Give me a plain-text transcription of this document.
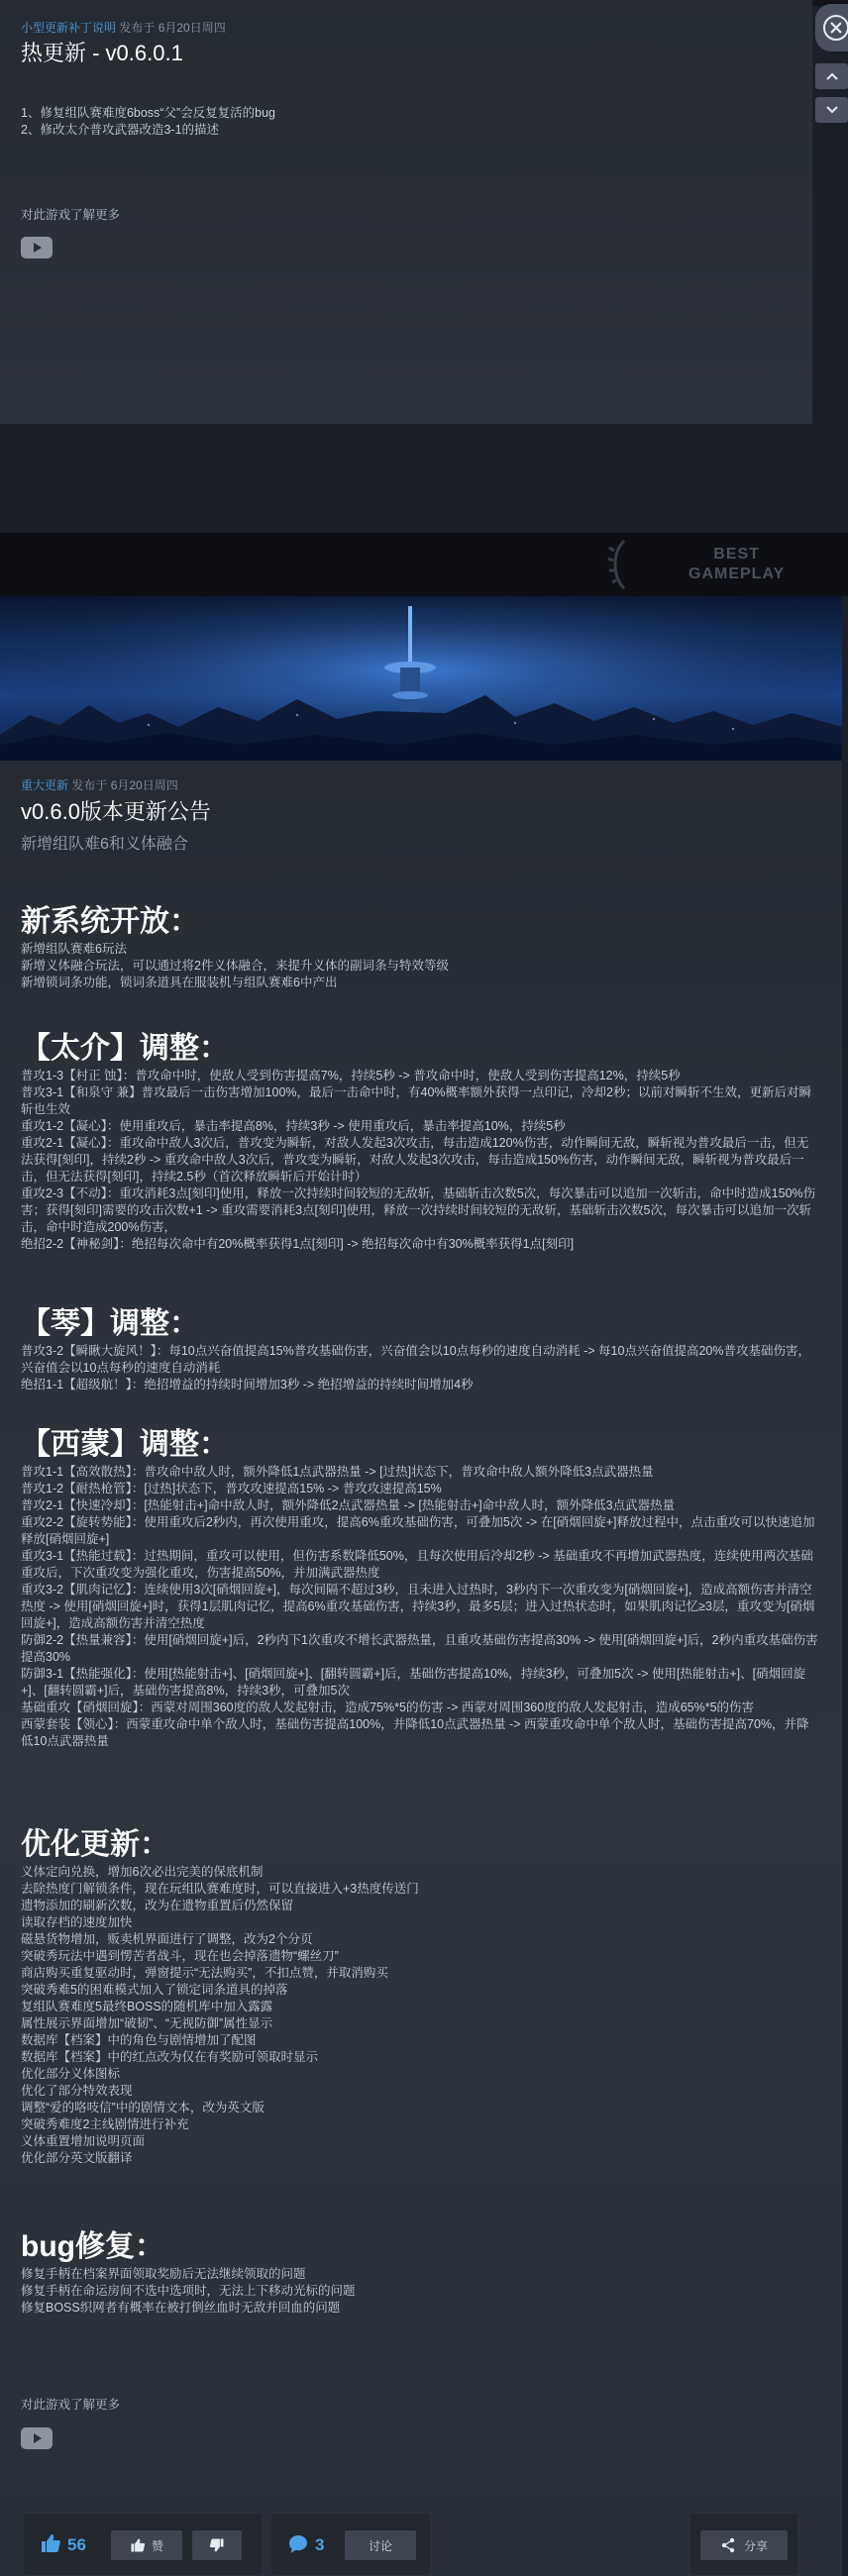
小型更新补丁说明 发布于 6月20日周四
热更新 - v0.6.0.1

1、修复组队赛难度6boss“父”会反复复活的bug

2、修改太介普攻武器改造3-1的描述

对此游戏了解更多
BEST
GAMEPLAY
重大更新 发布于 6月20日周四
v0.6.0版本更新公告
新增组队难6和义体融合
新系统开放：

新增组队赛难6玩法

新增义体融合玩法，可以通过将2件义体融合，来提升义体的副词条与特效等级

新增锁词条功能，锁词条道具在服装机与组队赛难6中产出

【太介】调整：

普攻1-3【村正 蚀】：普攻命中时，使敌人受到伤害提高7%，持续5秒 -> 普攻命中时，使敌人受到伤害提高12%，持续5秒

普攻3-1【和泉守 兼】普攻最后一击伤害增加100%，最后一击命中时，有40%概率额外获得一点印记，冷却2秒；以前对瞬斩不生效，更新后对瞬斩也生效

重攻1-2【凝心】：使用重攻后，暴击率提高8%，持续3秒 -> 使用重攻后，暴击率提高10%，持续5秒

重攻2-1【凝心】：重攻命中敌人3次后，普攻变为瞬斩，对敌人发起3次攻击，每击造成120%伤害，动作瞬间无敌，瞬斩视为普攻最后一击，但无法获得[刻印]，持续2秒 -> 重攻命中敌人3次后，普攻变为瞬斩，对敌人发起3次攻击，每击造成150%伤害，动作瞬间无敌，瞬斩视为普攻最后一击，但无法获得[刻印]，持续2.5秒（首次释放瞬斩后开始计时）

重攻2-3【不动】：重攻消耗3点[刻印]使用，释放一次持续时间较短的无敌斩，基础斩击次数5次，每次暴击可以追加一次斩击，命中时造成150%伤害；获得[刻印]需要的攻击次数+1 -> 重攻需要消耗3点[刻印]使用，释放一次持续时间较短的无敌斩，基础斩击次数5次，每次暴击可以追加一次斩击，命中时造成200%伤害，

绝招2-2【神秘剑】：绝招每次命中有20%概率获得1点[刻印] -> 绝招每次命中有30%概率获得1点[刻印]

【琴】调整：

普攻3-2【瞬瞅大旋风！】：每10点兴奋值提高15%普攻基础伤害，兴奋值会以10点每秒的速度自动消耗 -> 每10点兴奋值提高20%普攻基础伤害，兴奋值会以10点每秒的速度自动消耗

绝招1-1【超级航！】：绝招增益的持续时间增加3秒 -> 绝招增益的持续时间增加4秒

【西蒙】调整：

普攻1-1【高效散热】：普攻命中敌人时，额外降低1点武器热量 -> [过热]状态下，普攻命中敌人额外降低3点武器热量

普攻1-2【耐热枪管】：[过热]状态下，普攻攻速提高15% -> 普攻攻速提高15%

普攻2-1【快速冷却】：[热能射击+]命中敌人时，额外降低2点武器热量 -> [热能射击+]命中敌人时，额外降低3点武器热量

重攻2-2【旋转势能】：使用重攻后2秒内，再次使用重攻，提高6%重攻基础伤害，可叠加5次 -> 在[硝烟回旋+]释放过程中，点击重攻可以快速追加释放[硝烟回旋+]

重攻3-1【热能过载】：过热期间，重攻可以使用，但伤害系数降低50%，且每次使用后冷却2秒 -> 基础重攻不再增加武器热度，连续使用两次基础重攻后，下次重攻变为强化重攻，伤害提高50%，并加满武器热度

重攻3-2【肌肉记忆】：连续使用3次[硝烟回旋+]，每次间隔不超过3秒，且未进入过热时，3秒内下一次重攻变为[硝烟回旋+]，造成高额伤害并清空热度 -> 使用[硝烟回旋+]时，获得1层肌肉记忆，提高6%重攻基础伤害，持续3秒，最多5层；进入过热状态时，如果肌肉记忆≥3层，重攻变为[硝烟回旋+]，造成高额伤害并清空热度

防御2-2【热量兼容】：使用[硝烟回旋+]后，2秒内下1次重攻不增长武器热量，且重攻基础伤害提高30% -> 使用[硝烟回旋+]后，2秒内重攻基础伤害提高30%

防御3-1【热能强化】：使用[热能射击+]、[硝烟回旋+]、[翻转圆霸+]后，基础伤害提高10%，持续3秒，可叠加5次 -> 使用[热能射击+]、[硝烟回旋+]、[翻转圆霸+]后，基础伤害提高8%，持续3秒，可叠加5次

基础重攻【硝烟回旋】：西蒙对周围360度的敌人发起射击，造成75%*5的伤害 -> 西蒙对周围360度的敌人发起射击，造成65%*5的伤害

西蒙套装【领心】：西蒙重攻命中单个敌人时，基础伤害提高100%，并降低10点武器热量 -> 西蒙重攻命中单个敌人时，基础伤害提高70%，并降低10点武器热量

优化更新：

义体定向兑换，增加6次必出完美的保底机制

去除热度门解锁条件，现在玩组队赛难度时，可以直接进入+3热度传送门

遗物添加的刷新次数，改为在遗物重置后仍然保留

读取存档的速度加快

磁悬货物增加，贩卖机界面进行了调整，改为2个分页

突破秀玩法中遇到愣苦者战斗，现在也会掉落遗物“螺丝刀”

商店购买重复驱动时，弹窗提示“无法购买”，不扣点赞，并取消购买

突破秀难5的困难模式加入了锁定词条道具的掉落

复组队赛难度5最终BOSS的随机库中加入露露

属性展示界面增加“破韧”、“无视防御”属性显示

数据库【档案】中的角色与剧情增加了配图

数据库【档案】中的红点改为仅在有奖励可领取时显示

优化部分义体图标

优化了部分特效表现

调整“爱的咯吱信”中的剧情文本，改为英文版

突破秀难度2主线剧情进行补充

义体重置增加说明页面

优化部分英文版翻译

bug修复：

修复手柄在档案界面领取奖励后无法继续领取的问题

修复手柄在命运房间不选中选项时，无法上下移动光标的问题

修复BOSS织网者有概率在被打倒丝血时无敌并回血的问题

对此游戏了解更多
56	赞	3	讨论	分享
